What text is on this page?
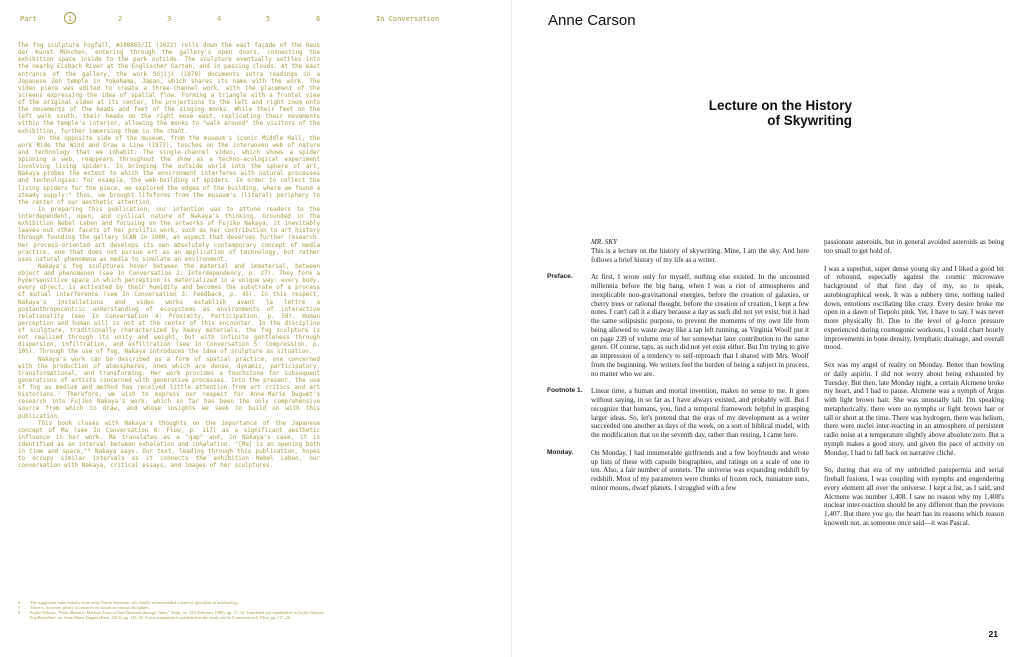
Part	1	2	3	4	5	6	In Conversation

The fog sculpture Fogfall, #108865/II (2022) rolls down the east façade of the Haus der Kunst München, entering through the gallery's open doors, connecting the exhibition space inside to the park outside. The sculpture eventually settles into the nearby Eisbach River at the Englischer Garten, and in passing clouds. At the east entrance of the gallery, the work Sōjiji (1979) documents sutra readings in a Japanese Zen temple in Yokohama, Japan, which shares its name with the work. The video piece was edited to create a three-channel work, with the placement of the screens expressing the idea of spatial flow. Forming a triangle with a frontal view of the original video at its center, the projections to the left and right zoom onto the movements of the heads and feet of the singing monks. While their feet on the left walk south, their heads on the right move east, replicating their movements within the temple's interior, allowing the monks to "walk around" the visitors of the exhibition, further immersing them in the chant.

On the opposite side of the museum, from the museum's iconic Middle Hall, the work Ride the Wind and Draw a Line (1973), touches on the interwoven web of nature and technology that we inhabit. The single-channel video, which shows a spider spinning a web, reappears throughout the show as a techno-ecological experiment involving living spiders. In bringing the outside world into the sphere of art, Nakaya probes the extent to which the environment interferes with natural processes and technologies: for example, the web-building of spiders. In order to collect the living spiders for the piece, we explored the edges of the building, where we found a steady supply:⁶ thus, we brought lifeforms from the museum's (literal) periphery to the center of our aesthetic attention.

In preparing this publication, our intention was to attune readers to the interdependent, open, and cyclical nature of Nakaya's thinking. Grounded in the exhibition Nebel Leben and focusing on the artworks of Fujiko Nakaya, it inevitably leaves out other facets of her prolific work, such as her contribution to art history through founding the gallery SCAN in 1980, an aspect that deserves further research. Her process-oriented art develops its own absolutely contemporary concept of media practice, one that does not pursue art as an application of technology, but rather uses natural phenomena as media to simulate an environment.

Nakaya's fog sculptures hover between the material and immaterial, between object and phenomenon (see In Conversation 2: Interdependency, p. 27). They form a hypersensitive space in which perception is materialized in a unique way: every body, every object, is activated by their humidity and becomes the substrate of a process of mutual interference (see In Conversation 3: Feedback, p. 45). In this respect, Nakaya's installations and video works establish avant la lettre a postanthropocentric understanding of ecosystems as environments of interactive relationality (see In Conversation 4: Proximity, Participation, p. 59). Human perception and human will is not at the center of this encounter. In the discipline of sculpture, traditionally characterized by heavy materials, the fog sculpture is not realized through its unity and weight, but with infinite gentleness through dispersion, infiltration, and exfiltration (see In Conversation 5: Compression, p. 105). Through the use of fog, Nakaya introduces the idea of sculpture as situation.

Nakaya's work can be described as a form of spatial practice, one concerned with the production of atmospheres, ones which are dense, dynamic, participatory, transformational, and transforming. Her work provides a touchstone for subsequent generations of artists concerned with generative processes. Into the present, the use of fog as medium and method has received little attention from art critics and art historians.⁷ Therefore, we wish to express our respect for Anne-Marie Duguet's research into Fujiko Nakaya's work, which so far has been the only comprehensive source from which to draw, and whose insights we seek to build on with this publication.

This book closes with Nakaya's thoughts on the importance of the Japanese concept of Ma (see In Conversation 6: Flow, p. 117) as a significant aesthetic influence in her work. Ma translates as a "gap" and, in Nakaya's case, it is identified as an interval between exhalation and inhalation. "[Ma] is an opening both in time and space,"⁸ Nakaya says. Our text, leading through this publication, hopes to occupy similar intervals as it connects the exhibition Nebel Leben, our conversation with Nakaya, critical essays, and images of her sculptures.

6	The suggestion came initially from artist Tomás Saraceno, who kindly recommended a team of specialists in arachnology.
7	There is, however, plenty of research on clouds in various disciplines.
8	Fujiko Nakaya, "From Means to Method: Form of Zen Observed through Video," Sōjiji, no. 124 (February 1980), pp. 27–34. Translated and republished in Fujiko Nakaya: Fog Brouillard, ed. Anne-Marie Duguet (Paris, 2012), pp. 145–50. A new translation is published in this book, see In Conversation 6: Flow, pp. 117–26.
Anne Carson
Lecture on the History
of Skywriting
MR. SKY

This is a lecture on the history of skywriting. Mine, I am the sky. And here follows a brief history of my life as a writer.

Preface.	At first, I wrote only for myself, nothing else existed. In the uncounted millennia before the big bang, when I was a riot of atmospheres and inexplicable non-gravitational energies, before the creation of galaxies, or cherry trees or rational thought, before the creation of creation, I kept a few notes. I can't call it a diary because a day as such did not yet exist, but it had the same solipsistic purpose, to prevent the moments of my own life from being allowed to waste away like a tap left running, as Virginia Woolf put it on page 239 of volume one of her somewhat later contribution to the same genre. Of course, taps, as such did not yet exist either. But I'm trying to give an impression of a tendency to self-reproach that I shared with Mrs. Woolf from the beginning. We writers feel the burden of being a subject in process, no matter who we are.

Footnote 1. Linear time, a human and mortal invention, makes no sense to me. It goes without saying, in so far as I have always existed, and probably will. But I recognize that humans, you, find a temporal framework helpful in grasping larger ideas. So, let's pretend that the eras of my development as a writer succeeded one another as days of the week, on a sort of biblical model, with the modification that on the seventh day, rather than resting, I came here.

Monday. On Monday, I had innumerable girlfriends and a few boyfriends and wrote up lists of these with capsule biographies, and ratings on a scale of one to ten. Also, a fair number of sonnets. The universe was expanding redshift by redshift. Most of my parameters were chunks of frozen rock, miniature suns, minor moons, dwarf planets. I struggled with a few

passionate asteroids, but in general avoided asteroids as being too small to get hold of.

I was a superhot, super dense young sky and I liked a good bit of rebound, especially against the cosmic microwave background of that first day of my, so to speak, autobiographical week. It was a rubbery time, nothing nailed down, emotions oscillating like crazy. Every desire broke me open in a dawn of Tiepolo pink. Yet, I have to say, I was never more physically fit. Due to the level of g-force pressure experienced during cosmogonic workouts, I could chart hourly improvements in bone density, lymphatic drainage, and overall mood.

Sex was my angel of reality on Monday. Better than bowling or daily aspirin. I did not worry about being exhausted by Tuesday. But then, late Monday night, a certain Alcmene broke my heart, and I had to pause. Alcmene was a nymph of Argus with light brown hair. She was unusually tall. I'm speaking metaphorically, there were no nymphs or light brown hair or tall or short at the time. There was hydrogen, there was helium, there were nuclei inter-reacting in an atmosphere of persistent radio noise at a temperature slightly above absolute zero. But a nymph makes a good story, and given the pace of activity on Monday, I had to fall back on narrative cliché.

So, during that era of my unbridled panspermia and serial fireball fusions, I was coupling with nymphs and engendering every element all over the universe. I kept a list, as I said, and Alcmene was number 1,408. I saw no reason why my 1,408's nuclear inter-reaction should be any different than the previous 1,407. But there you go, the heart has its reasons which reason knoweth not, as someone once said—it was Pascal.

21
